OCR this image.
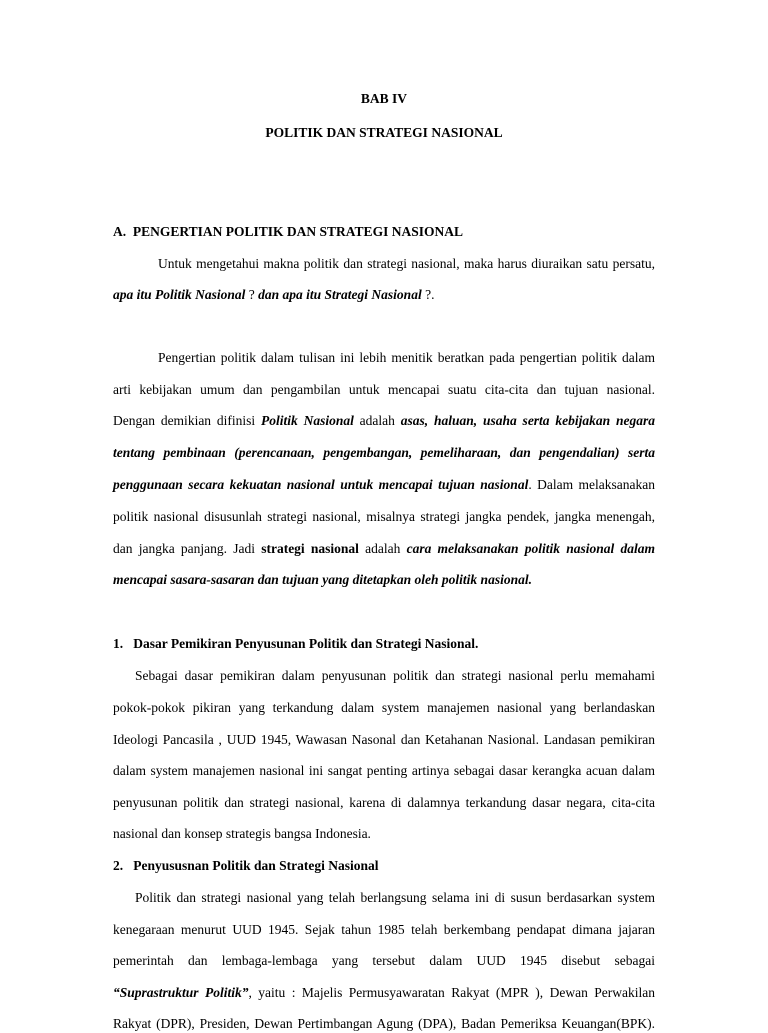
BAB IV
POLITIK DAN STRATEGI NASIONAL
A.  PENGERTIAN POLITIK DAN STRATEGI NASIONAL
Untuk mengetahui makna politik dan strategi nasional, maka harus diuraikan satu persatu,
apa itu Politik Nasional ? dan apa itu Strategi Nasional ?.
Pengertian politik dalam tulisan ini lebih menitik beratkan pada pengertian politik dalam
arti kebijakan umum dan pengambilan untuk mencapai suatu cita-cita dan tujuan nasional.
Dengan demikian difinisi Politik Nasional adalah asas, haluan, usaha serta kebijakan negara
tentang pembinaan (perencanaan, pengembangan, pemeliharaan, dan pengendalian) serta
penggunaan secara kekuatan nasional untuk mencapai tujuan nasional. Dalam melaksanakan
politik nasional disusunlah strategi nasional, misalnya strategi jangka pendek, jangka menengah,
dan jangka panjang. Jadi strategi nasional adalah cara melaksanakan politik nasional dalam
mencapai sasara-sasaran dan tujuan yang ditetapkan oleh politik nasional.
1.   Dasar Pemikiran Penyusunan Politik dan Strategi Nasional.
Sebagai dasar pemikiran dalam penyusunan politik dan strategi nasional perlu memahami
pokok-pokok pikiran yang terkandung dalam system manajemen nasional yang berlandaskan
Ideologi Pancasila , UUD 1945, Wawasan Nasonal dan Ketahanan Nasional. Landasan pemikiran
dalam system manajemen nasional ini sangat penting artinya sebagai dasar kerangka acuan dalam
penyusunan politik dan strategi nasional, karena di dalamnya terkandung dasar negara, cita-cita
nasional dan konsep strategis bangsa Indonesia.
2.   Penyususnan Politik dan Strategi Nasional
Politik dan strategi nasional yang telah berlangsung selama ini di susun berdasarkan system
kenegaraan menurut UUD 1945. Sejak tahun 1985 telah berkembang pendapat dimana jajaran
pemerintah dan lembaga-lembaga yang tersebut dalam UUD 1945 disebut sebagai
“Suprastruktur Politik”, yaitu : Majelis Permusyawaratan Rakyat (MPR ), Dewan Perwakilan
Rakyat (DPR), Presiden, Dewan Pertimbangan Agung (DPA), Badan Pemeriksa Keuangan(BPK).
